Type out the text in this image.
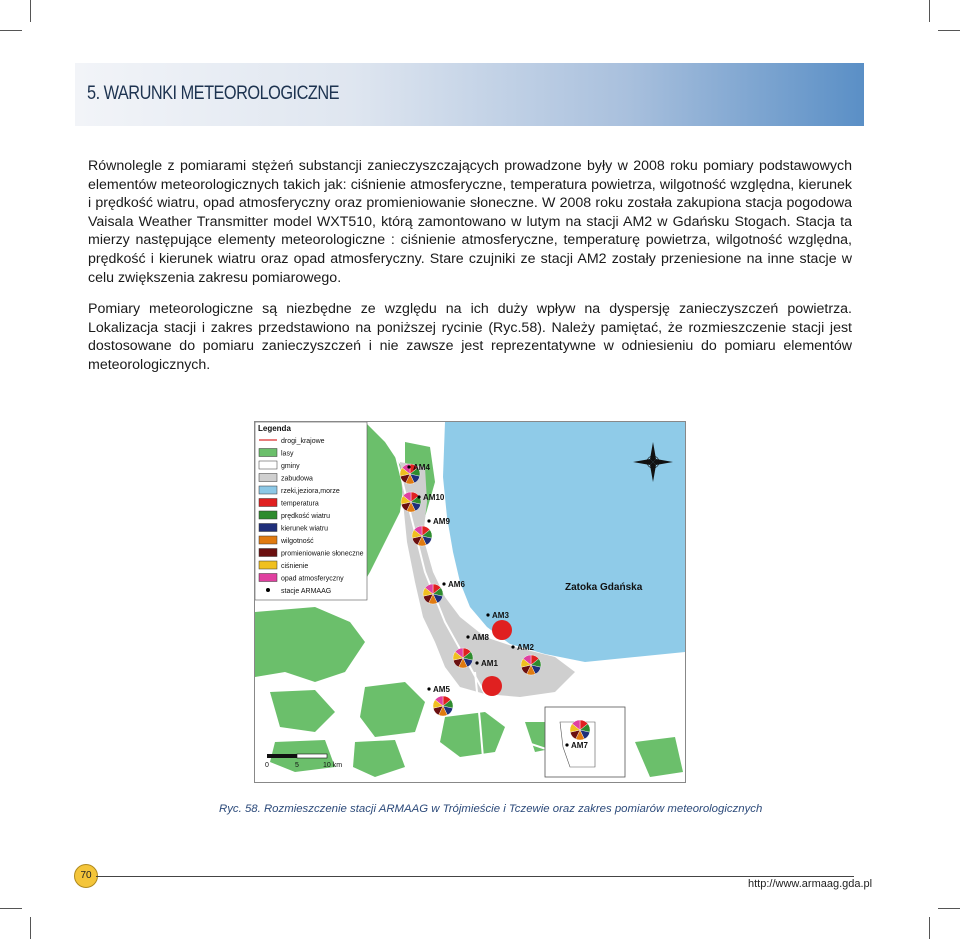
5. WARUNKI METEOROLOGICZNE

Równolegle z pomiarami stężeń substancji zanieczyszczających prowadzone były w 2008 roku pomiary podstawowych elementów meteorologicznych takich jak: ciśnienie atmosferyczne, temperatura powietrza, wilgotność względna, kierunek i prędkość wiatru, opad atmosferyczny oraz promieniowanie słoneczne. W 2008 roku została zakupiona stacja pogodowa Vaisala Weather Transmitter model WXT510, którą zamontowano w lutym na stacji AM2 w Gdańsku Stogach. Stacja ta mierzy następujące elementy meteorologiczne : ciśnienie atmosferyczne, temperaturę powietrza, wilgotność względna, prędkość i kierunek wiatru oraz opad atmosferyczny. Stare czujniki ze stacji AM2 zostały przeniesione na inne stacje w celu zwiększenia zakresu pomiarowego.

Pomiary meteorologiczne są niezbędne ze względu na ich duży wpływ na dyspersję zanieczyszczeń powietrza. Lokalizacja stacji i zakres przedstawiono na poniższej rycinie (Ryc.58). Należy pamiętać, że rozmieszczenie stacji jest dostosowane do pomiaru zanieczyszczeń i nie zawsze jest reprezentatywne w odniesieniu do pomiaru elementów meteorologicznych.

Legenda
drogi_krajowe
lasy
gminy
zabudowa
rzeki,jeziora,morze
temperatura
prędkość wiatru
kierunek wiatru
wilgotność
promieniowanie słoneczne
ciśnienie
opad atmosferyczny
stacje ARMAAG	Zatoka Gdańska
AM4
AM10
AM9
AM6
AM3
AM8
AM2
AM1
AM5
AM7
0	5	10 km
Ryc. 58. Rozmieszczenie stacji ARMAAG w Trójmieście i Tczewie oraz zakres pomiarów meteorologicznych
70
http://www.armaag.gda.pl
